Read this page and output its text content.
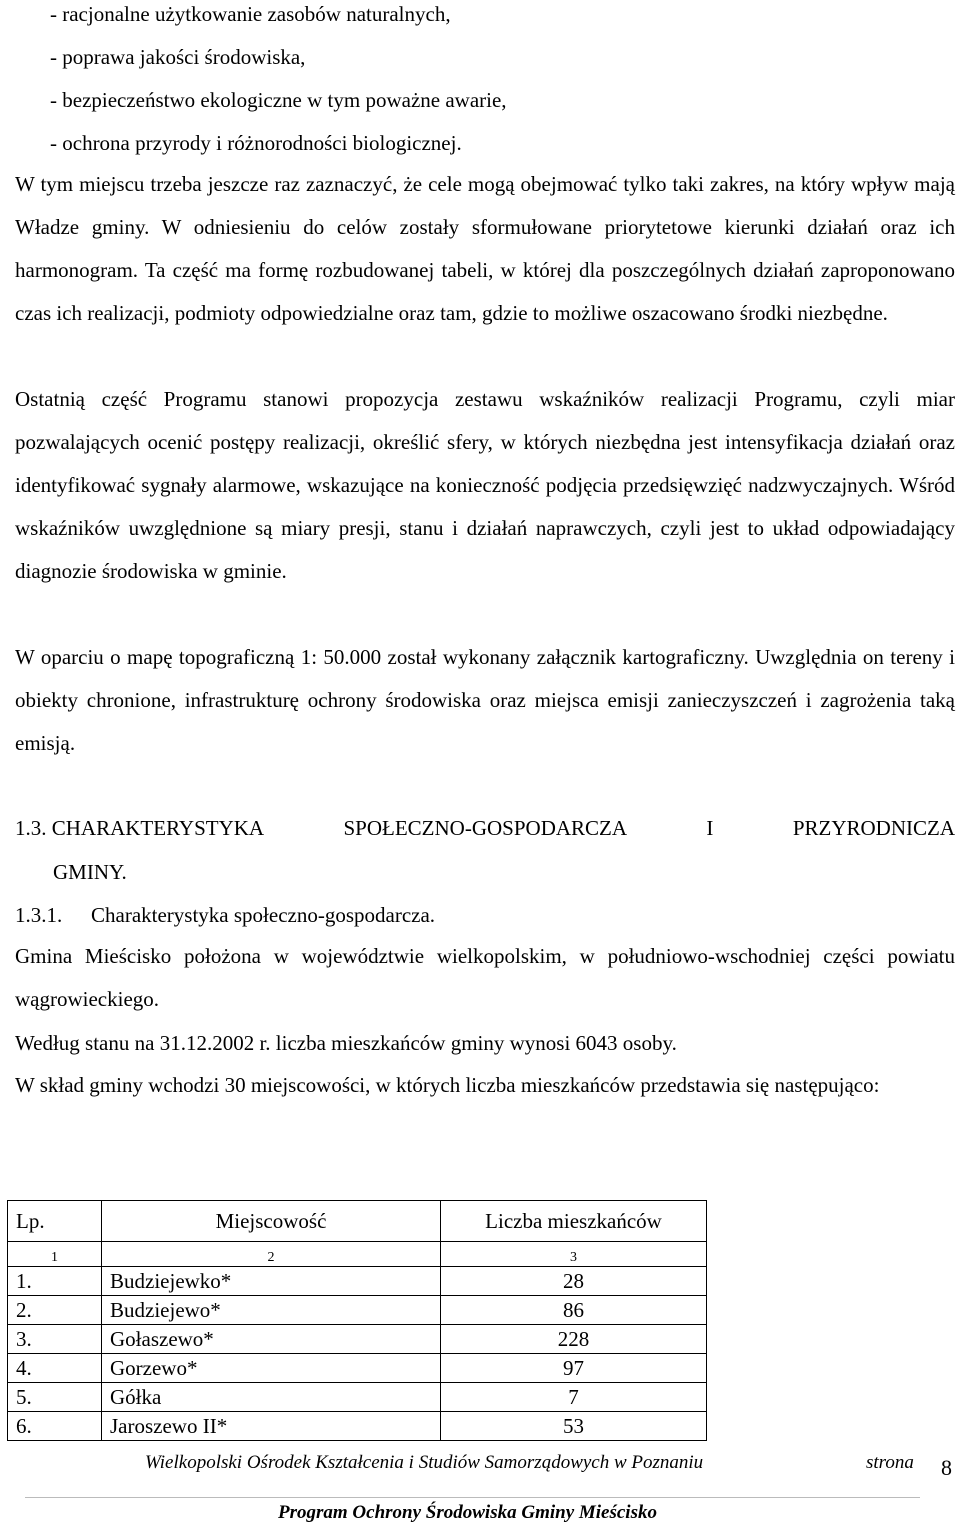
- racjonalne użytkowanie zasobów naturalnych,
- poprawa jakości środowiska,
- bezpieczeństwo ekologiczne w tym poważne awarie,
- ochrona przyrody i różnorodności biologicznej.
W tym miejscu trzeba jeszcze raz zaznaczyć, że cele mogą obejmować tylko taki zakres, na który wpływ mają Władze gminy. W odniesieniu do celów zostały sformułowane priorytetowe kierunki działań oraz ich harmonogram. Ta część ma formę rozbudowanej tabeli, w której dla poszczególnych działań zaproponowano czas ich realizacji, podmioty odpowiedzialne oraz tam, gdzie to możliwe oszacowano środki niezbędne.
Ostatnią część Programu stanowi propozycja zestawu wskaźników realizacji Programu, czyli miar pozwalających ocenić postępy realizacji, określić sfery, w których niezbędna jest intensyfikacja działań oraz identyfikować sygnały alarmowe, wskazujące na konieczność podjęcia przedsięwzięć nadzwyczajnych. Wśród wskaźników uwzględnione są miary presji, stanu i działań naprawczych, czyli jest to układ odpowiadający diagnozie środowiska w gminie.
W oparciu o mapę topograficzną 1: 50.000 został wykonany załącznik kartograficzny. Uwzględnia on tereny i obiekty chronione, infrastrukturę ochrony środowiska oraz miejsca emisji zanieczyszczeń i zagrożenia taką emisją.
1.3. CHARAKTERYSTYKA	SPOŁECZNO-GOSPODARCZA	I	PRZYRODNICZA
GMINY.
1.3.1. Charakterystyka społeczno-gospodarcza.
Gmina Mieścisko położona w województwie wielkopolskim, w południowo-wschodniej części powiatu wągrowieckiego.
Według stanu na 31.12.2002 r. liczba mieszkańców gminy wynosi 6043 osoby.
W skład gminy wchodzi 30 miejscowości, w których liczba mieszkańców przedstawia się następująco:
Lp.	Miejscowość	Liczba mieszkańców
1	2	3
1.	Budziejewko*	28
2.	Budziejewo*	86
3.	Gołaszewo*	228
4.	Gorzewo*	97
5.	Gółka	7
6.	Jaroszewo II*	53
Wielkopolski Ośrodek Kształcenia i Studiów Samorządowych w Poznaniu	strona 8
Program Ochrony Środowiska Gminy Mieścisko
